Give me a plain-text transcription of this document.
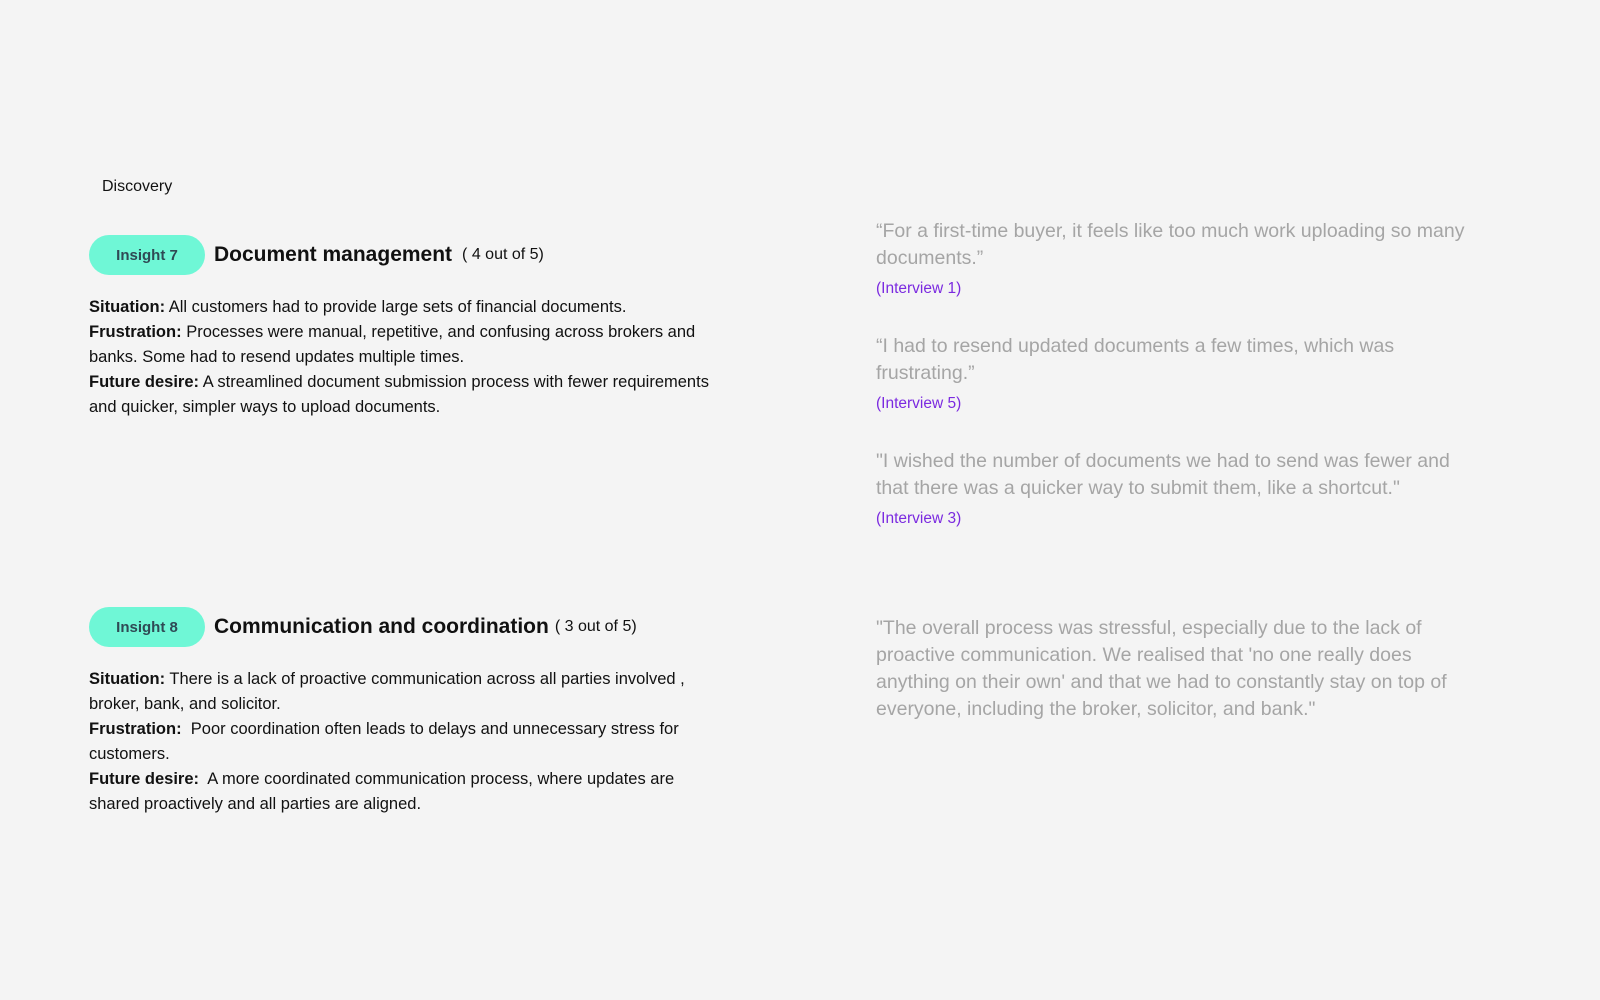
Discovery
Insight 7	Document management ( 4 out of 5)

Situation: All customers had to provide large sets of financial documents.

Frustration: Processes were manual, repetitive, and confusing across brokers and banks. Some had to resend updates multiple times.

Future desire: A streamlined document submission process with fewer requirements and quicker, simpler ways to upload documents.

Insight 8	Communication and coordination ( 3 out of 5)

Situation: There is a lack of proactive communication across all parties involved , broker, bank, and solicitor.

Frustration: Poor coordination often leads to delays and unnecessary stress for customers.

Future desire: A more coordinated communication process, where updates are shared proactively and all parties are aligned.

“For a first-time buyer, it feels like too much work uploading so many documents.”
(Interview 1)
“I had to resend updated documents a few times, which was frustrating.”
(Interview 5)
"I wished the number of documents we had to send was fewer and that there was a quicker way to submit them, like a shortcut."
(Interview 3)
"The overall process was stressful, especially due to the lack of proactive communication. We realised that 'no one really does anything on their own' and that we had to constantly stay on top of everyone, including the broker, solicitor, and bank."
